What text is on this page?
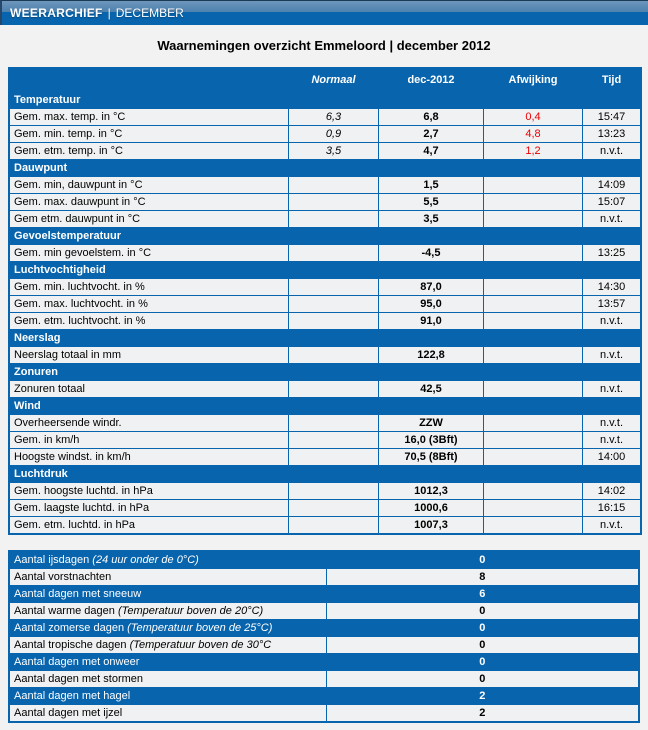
WEERARCHIEF | DECEMBER
Waarnemingen overzicht Emmeloord | december 2012
	Normaal	dec-2012	Afwijking	Tijd
Temperatuur				
Gem. max. temp. in °C	6,3	6,8	0,4	15:47
Gem. min. temp. in °C	0,9	2,7	4,8	13:23
Gem. etm. temp. in °C	3,5	4,7	1,2	n.v.t.
Dauwpunt				
Gem. min, dauwpunt in °C		1,5		14:09
Gem. max. dauwpunt in °C		5,5		15:07
Gem etm. dauwpunt in °C		3,5		n.v.t.
Gevoelstemperatuur				
Gem. min gevoelstem. in °C		-4,5		13:25
Luchtvochtigheid				
Gem. min. luchtvocht. in %		87,0		14:30
Gem. max. luchtvocht. in %		95,0		13:57
Gem. etm. luchtvocht. in %		91,0		n.v.t.
Neerslag				
Neerslag totaal in mm		122,8		n.v.t.
Zonuren				
Zonuren totaal		42,5		n.v.t.
Wind				
Overheersende windr.		ZZW		n.v.t.
Gem. in km/h		16,0 (3Bft)		n.v.t.
Hoogste windst. in km/h		70,5 (8Bft)		14:00
Luchtdruk				
Gem. hoogste luchtd. in hPa		1012,3		14:02
Gem. laagste luchtd. in hPa		1000,6		16:15
Gem. etm. luchtd. in hPa		1007,3		n.v.t.
Aantal ijsdagen (24 uur onder de 0°C)	0
Aantal vorstnachten	8
Aantal dagen met sneeuw	6
Aantal warme dagen (Temperatuur boven de 20°C)	0
Aantal zomerse dagen (Temperatuur boven de 25°C)	0
Aantal tropische dagen (Temperatuur boven de 30°C	0
Aantal dagen met onweer	0
Aantal dagen met stormen	0
Aantal dagen met hagel	2
Aantal dagen met ijzel	2
